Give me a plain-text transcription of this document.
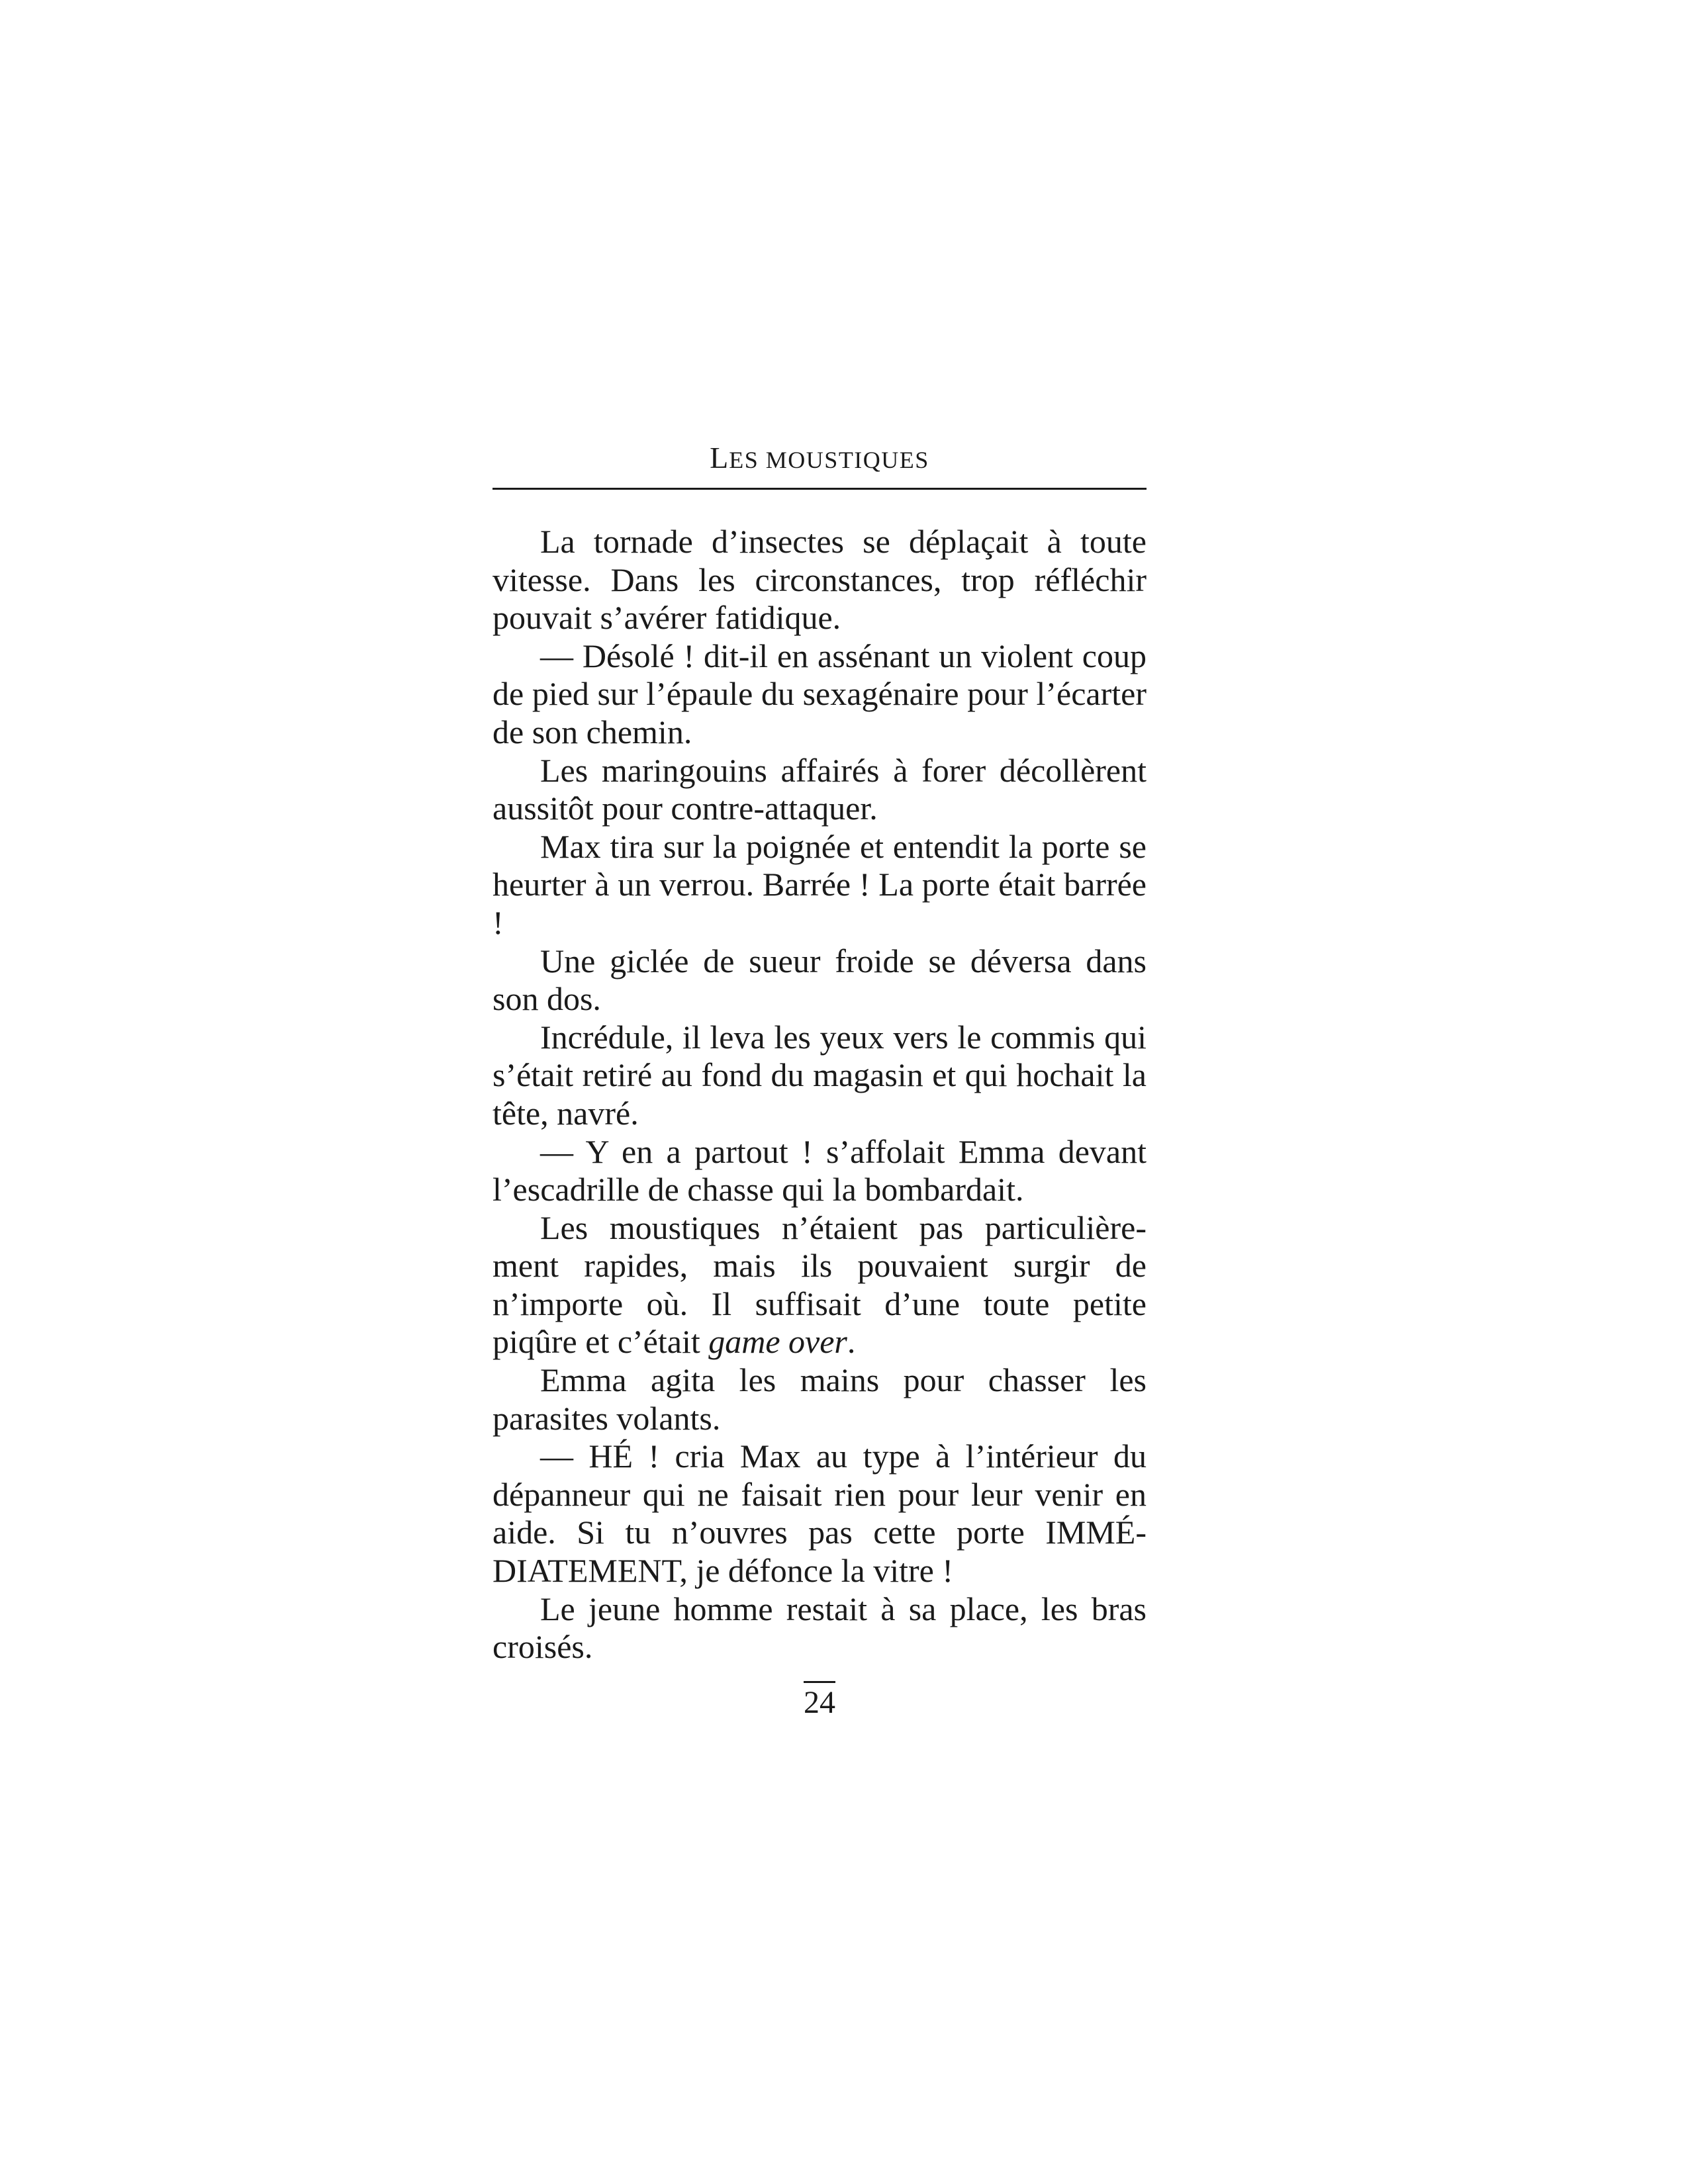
LES MOUSTIQUES

La tornade d’insectes se déplaçait à toute vitesse. Dans les circonstances, trop réfléchir pouvait s’avérer fatidique.

— Désolé ! dit-il en assénant un violent coup de pied sur l’épaule du sexagénaire pour l’écarter de son chemin.

Les maringouins affairés à forer décollèrent aussitôt pour contre-attaquer.

Max tira sur la poignée et entendit la porte se heurter à un verrou. Barrée ! La porte était barrée !

Une giclée de sueur froide se déversa dans son dos.

Incrédule, il leva les yeux vers le commis qui s’était retiré au fond du magasin et qui hochait la tête, navré.

— Y en a partout ! s’affolait Emma devant l’escadrille de chasse qui la bombardait.

Les moustiques n’étaient pas particulièrement rapides, mais ils pouvaient surgir de n’importe où. Il suffisait d’une toute petite piqûre et c’était game over.

Emma agita les mains pour chasser les parasites volants.

— HÉ ! cria Max au type à l’intérieur du dépanneur qui ne faisait rien pour leur venir en aide. Si tu n’ouvres pas cette porte IMMÉDIATEMENT, je défonce la vitre !

Le jeune homme restait à sa place, les bras croisés.

24
